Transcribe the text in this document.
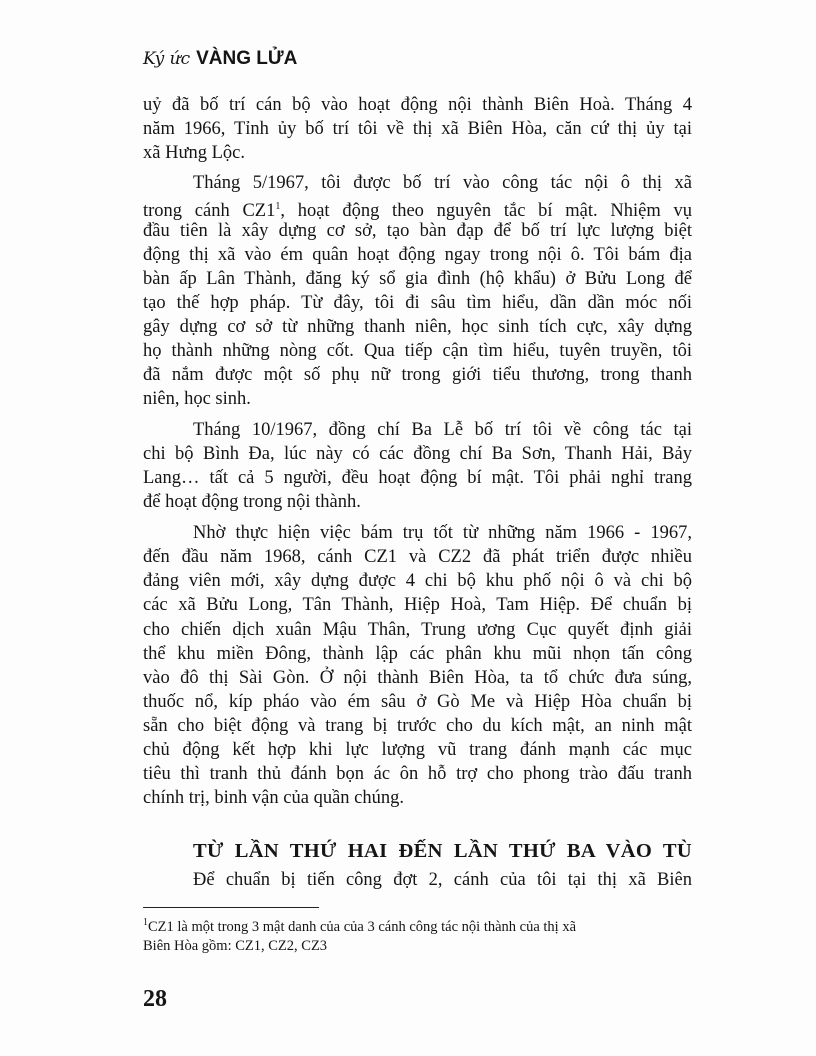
Ký ức VÀNG LỬA
uỷ đã bố trí cán bộ vào hoạt động nội thành Biên Hoà. Tháng 4
năm 1966, Tỉnh ủy bố trí tôi về thị xã Biên Hòa, căn cứ thị ủy tại
xã Hưng Lộc.
Tháng 5/1967, tôi được bố trí vào công tác nội ô thị xã
trong cánh $CZ1^1$, hoạt động theo nguyên tắc bí mật. Nhiệm vụ
đầu tiên là xây dựng cơ sở, tạo bàn đạp để bố trí lực lượng biệt
động thị xã vào ém quân hoạt động ngay trong nội ô. Tôi bám địa
bàn ấp Lân Thành, đăng ký sổ gia đình (hộ khẩu) ở Bửu Long để
tạo thế hợp pháp. Từ đây, tôi đi sâu tìm hiểu, dần dần móc nối
gây dựng cơ sở từ những thanh niên, học sinh tích cực, xây dựng
họ thành những nòng cốt. Qua tiếp cận tìm hiểu, tuyên truyền, tôi
đã nắm được một số phụ nữ trong giới tiểu thương, trong thanh
niên, học sinh.
Tháng 10/1967, đồng chí Ba Lễ bố trí tôi về công tác tại
chi bộ Bình Đa, lúc này có các đồng chí Ba Sơn, Thanh Hải, Bảy
Lang… tất cả 5 người, đều hoạt động bí mật. Tôi phải nghỉ trang
để hoạt động trong nội thành.
Nhờ thực hiện việc bám trụ tốt từ những năm 1966 - 1967,
đến đầu năm 1968, cánh CZ1 và CZ2 đã phát triển được nhiều
đảng viên mới, xây dựng được 4 chi bộ khu phố nội ô và chi bộ
các xã Bửu Long, Tân Thành, Hiệp Hoà, Tam Hiệp. Để chuẩn bị
cho chiến dịch xuân Mậu Thân, Trung ương Cục quyết định giải
thể khu miền Đông, thành lập các phân khu mũi nhọn tấn công
vào đô thị Sài Gòn. Ở nội thành Biên Hòa, ta tổ chức đưa súng,
thuốc nổ, kíp pháo vào ém sâu ở Gò Me và Hiệp Hòa chuẩn bị
sẵn cho biệt động và trang bị trước cho du kích mật, an ninh mật
chủ động kết hợp khi lực lượng vũ trang đánh mạnh các mục
tiêu thì tranh thủ đánh bọn ác ôn hỗ trợ cho phong trào đấu tranh
chính trị, binh vận của quần chúng.
TỪ LẦN THỨ HAI ĐẾN LẦN THỨ BA VÀO TÙ
Để chuẩn bị tiến công đợt 2, cánh của tôi tại thị xã Biên
$^1$CZ1 là một trong 3 mật danh của của 3 cánh công tác nội thành của thị xã
Biên Hòa gồm: CZ1, CZ2, CZ3
28
